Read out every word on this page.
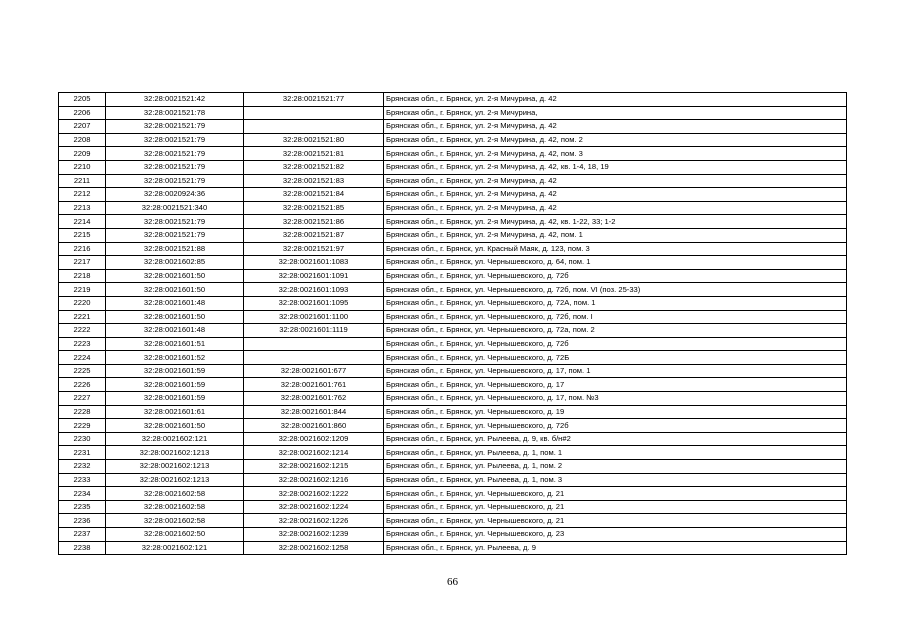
2205	32:28:0021521:42	32:28:0021521:77	Брянская обл., г. Брянск, ул. 2-я Мичурина, д. 42
2206	32:28:0021521:78		Брянская обл., г. Брянск, ул. 2-я Мичурина,
2207	32:28:0021521:79		Брянская обл., г. Брянск, ул. 2-я Мичурина, д. 42
2208	32:28:0021521:79	32:28:0021521:80	Брянская обл., г. Брянск, ул. 2-я Мичурина, д. 42, пом. 2
2209	32:28:0021521:79	32:28:0021521:81	Брянская обл., г. Брянск, ул. 2-я Мичурина, д. 42, пом. 3
2210	32:28:0021521:79	32:28:0021521:82	Брянская обл., г. Брянск, ул. 2-я Мичурина, д. 42, кв. 1-4, 18, 19
2211	32:28:0021521:79	32:28:0021521:83	Брянская обл., г. Брянск, ул. 2-я Мичурина, д. 42
2212	32:28:0020924:36	32:28:0021521:84	Брянская обл., г. Брянск, ул. 2-я Мичурина, д. 42
2213	32:28:0021521:340	32:28:0021521:85	Брянская обл., г. Брянск, ул. 2-я Мичурина, д. 42
2214	32:28:0021521:79	32:28:0021521:86	Брянская обл., г. Брянск, ул. 2-я Мичурина, д. 42, кв. 1-22, 33; 1-2
2215	32:28:0021521:79	32:28:0021521:87	Брянская обл., г. Брянск, ул. 2-я Мичурина, д. 42, пом. 1
2216	32:28:0021521:88	32:28:0021521:97	Брянская обл., г. Брянск, ул. Красный Маяк, д. 123, пом. 3
2217	32:28:0021602:85	32:28:0021601:1083	Брянская обл., г. Брянск, ул. Чернышевского, д. 64, пом. 1
2218	32:28:0021601:50	32:28:0021601:1091	Брянская обл., г. Брянск, ул. Чернышевского, д. 72б
2219	32:28:0021601:50	32:28:0021601:1093	Брянская обл., г. Брянск, ул. Чернышевского, д. 72б, пом. VI (поз. 25-33)
2220	32:28:0021601:48	32:28:0021601:1095	Брянская обл., г. Брянск, ул. Чернышевского, д. 72А, пом. 1
2221	32:28:0021601:50	32:28:0021601:1100	Брянская обл., г. Брянск, ул. Чернышевского, д. 72б, пом. I
2222	32:28:0021601:48	32:28:0021601:1119	Брянская обл., г. Брянск, ул. Чернышевского, д. 72а, пом. 2
2223	32:28:0021601:51		Брянская обл., г. Брянск, ул. Чернышевского, д. 72б
2224	32:28:0021601:52		Брянская обл., г. Брянск, ул. Чернышевского, д. 72Б
2225	32:28:0021601:59	32:28:0021601:677	Брянская обл., г. Брянск, ул. Чернышевского, д. 17, пом. 1
2226	32:28:0021601:59	32:28:0021601:761	Брянская обл., г. Брянск, ул. Чернышевского, д. 17
2227	32:28:0021601:59	32:28:0021601:762	Брянская обл., г. Брянск, ул. Чернышевского, д. 17, пом. №3
2228	32:28:0021601:61	32:28:0021601:844	Брянская обл., г. Брянск, ул. Чернышевского, д. 19
2229	32:28:0021601:50	32:28:0021601:860	Брянская обл., г. Брянск, ул. Чернышевского, д. 72б
2230	32:28:0021602:121	32:28:0021602:1209	Брянская обл., г. Брянск, ул. Рылеева, д. 9, кв. б/н#2
2231	32:28:0021602:1213	32:28:0021602:1214	Брянская обл., г. Брянск, ул. Рылеева, д. 1, пом. 1
2232	32:28:0021602:1213	32:28:0021602:1215	Брянская обл., г. Брянск, ул. Рылеева, д. 1, пом. 2
2233	32:28:0021602:1213	32:28:0021602:1216	Брянская обл., г. Брянск, ул. Рылеева, д. 1, пом. 3
2234	32:28:0021602:58	32:28:0021602:1222	Брянская обл., г. Брянск, ул. Чернышевского, д. 21
2235	32:28:0021602:58	32:28:0021602:1224	Брянская обл., г. Брянск, ул. Чернышевского, д. 21
2236	32:28:0021602:58	32:28:0021602:1226	Брянская обл., г. Брянск, ул. Чернышевского, д. 21
2237	32:28:0021602:50	32:28:0021602:1239	Брянская обл., г. Брянск, ул. Чернышевского, д. 23
2238	32:28:0021602:121	32:28:0021602:1258	Брянская обл., г. Брянск, ул. Рылеева, д. 9
66
